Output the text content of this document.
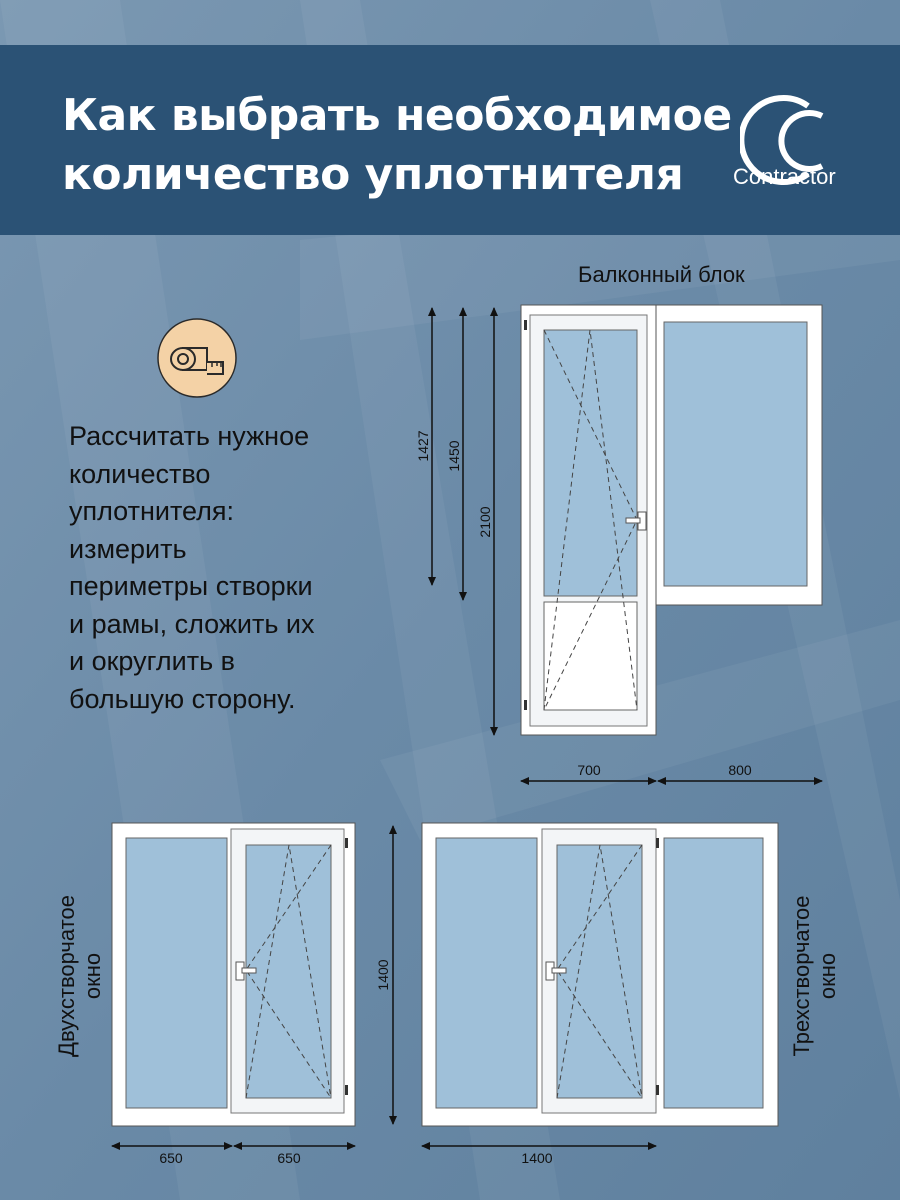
Как выбрать необходимое
количество уплотнителя	Contractor
Рассчитать нужное
количество
уплотнителя:
измерить
периметры створки
и рамы, сложить их
и округлить в
большую сторону.
Балконный блок
1427 1450
2100
700	800
650	650
1400
1400
Двухстворчатое окно	Трехстворчатое окно
